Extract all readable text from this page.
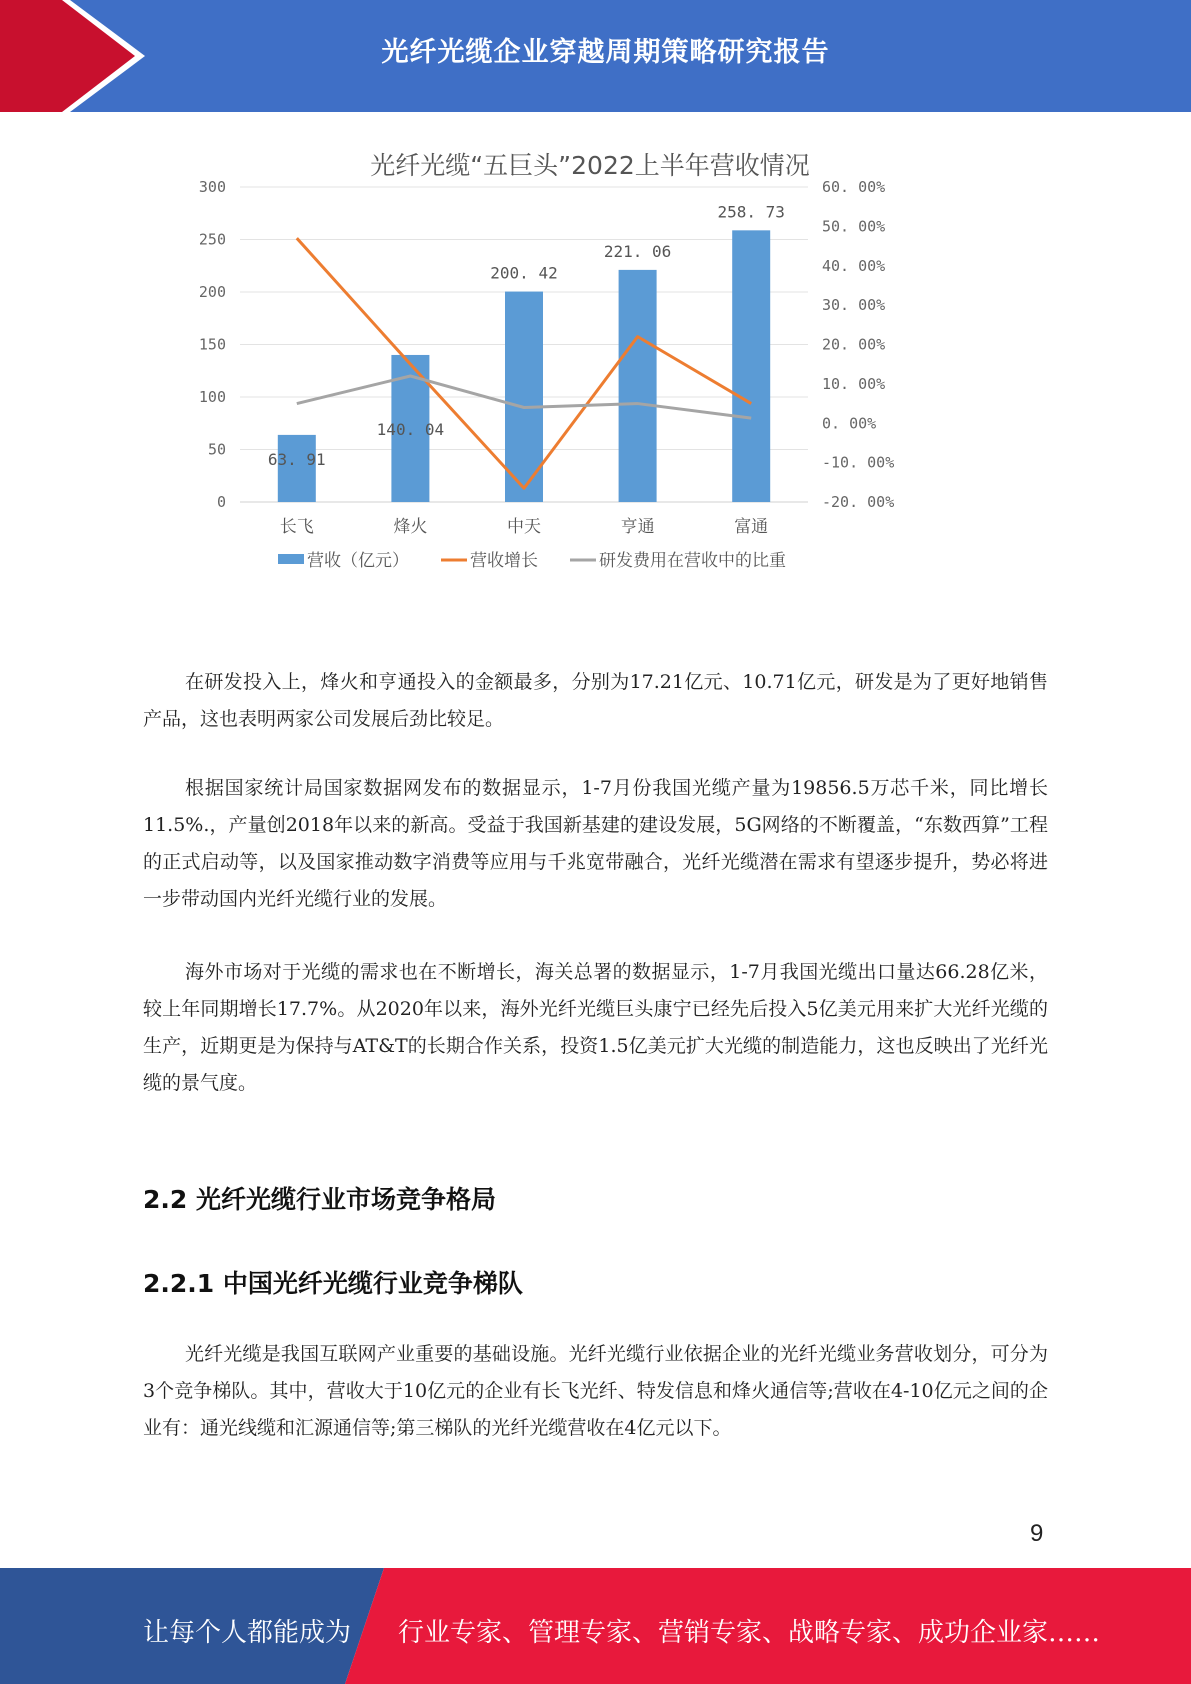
光纤光缆企业穿越周期策略研究报告
光纤光缆“五巨头”2022上半年营收情况
300
250
200
150
100
50
0
60. 00%
50. 00%
40. 00%
30. 00%
20. 00%
10. 00%
0. 00%
-10. 00%
-20. 00%
长飞	烽火	中天	亨通	富通
63. 91
140. 04
200. 42
221. 06
258. 73
营收（亿元）	营收增长	研发费用在营收中的比重

在研发投入上，烽火和亨通投入的金额最多，分别为17.21亿元、10.71亿元，研发是为了更好地销售产品，这也表明两家公司发展后劲比较足。

根据国家统计局国家数据网发布的数据显示，1-7月份我国光缆产量为19856.5万芯千米，同比增长11.5%.，产量创2018年以来的新高。受益于我国新基建的建设发展，5G网络的不断覆盖，“东数西算”工程的正式启动等，以及国家推动数字消费等应用与千兆宽带融合，光纤光缆潜在需求有望逐步提升，势必将进一步带动国内光纤光缆行业的发展。

海外市场对于光缆的需求也在不断增长，海关总署的数据显示，1-7月我国光缆出口量达66.28亿米，较上年同期增长17.7%。从2020年以来，海外光纤光缆巨头康宁已经先后投入5亿美元用来扩大光纤光缆的生产，近期更是为保持与AT&T的长期合作关系，投资1.5亿美元扩大光缆的制造能力，这也反映出了光纤光缆的景气度。

2.2 光纤光缆行业市场竞争格局
2.2.1 中国光纤光缆行业竞争梯队

光纤光缆是我国互联网产业重要的基础设施。光纤光缆行业依据企业的光纤光缆业务营收划分，可分为3个竞争梯队。其中，营收大于10亿元的企业有长飞光纤、特发信息和烽火通信等;营收在4-10亿元之间的企业有：通光线缆和汇源通信等;第三梯队的光纤光缆营收在4亿元以下。

9
让每个人都能成为 行业专家、管理专家、营销专家、战略专家、成功企业家……
